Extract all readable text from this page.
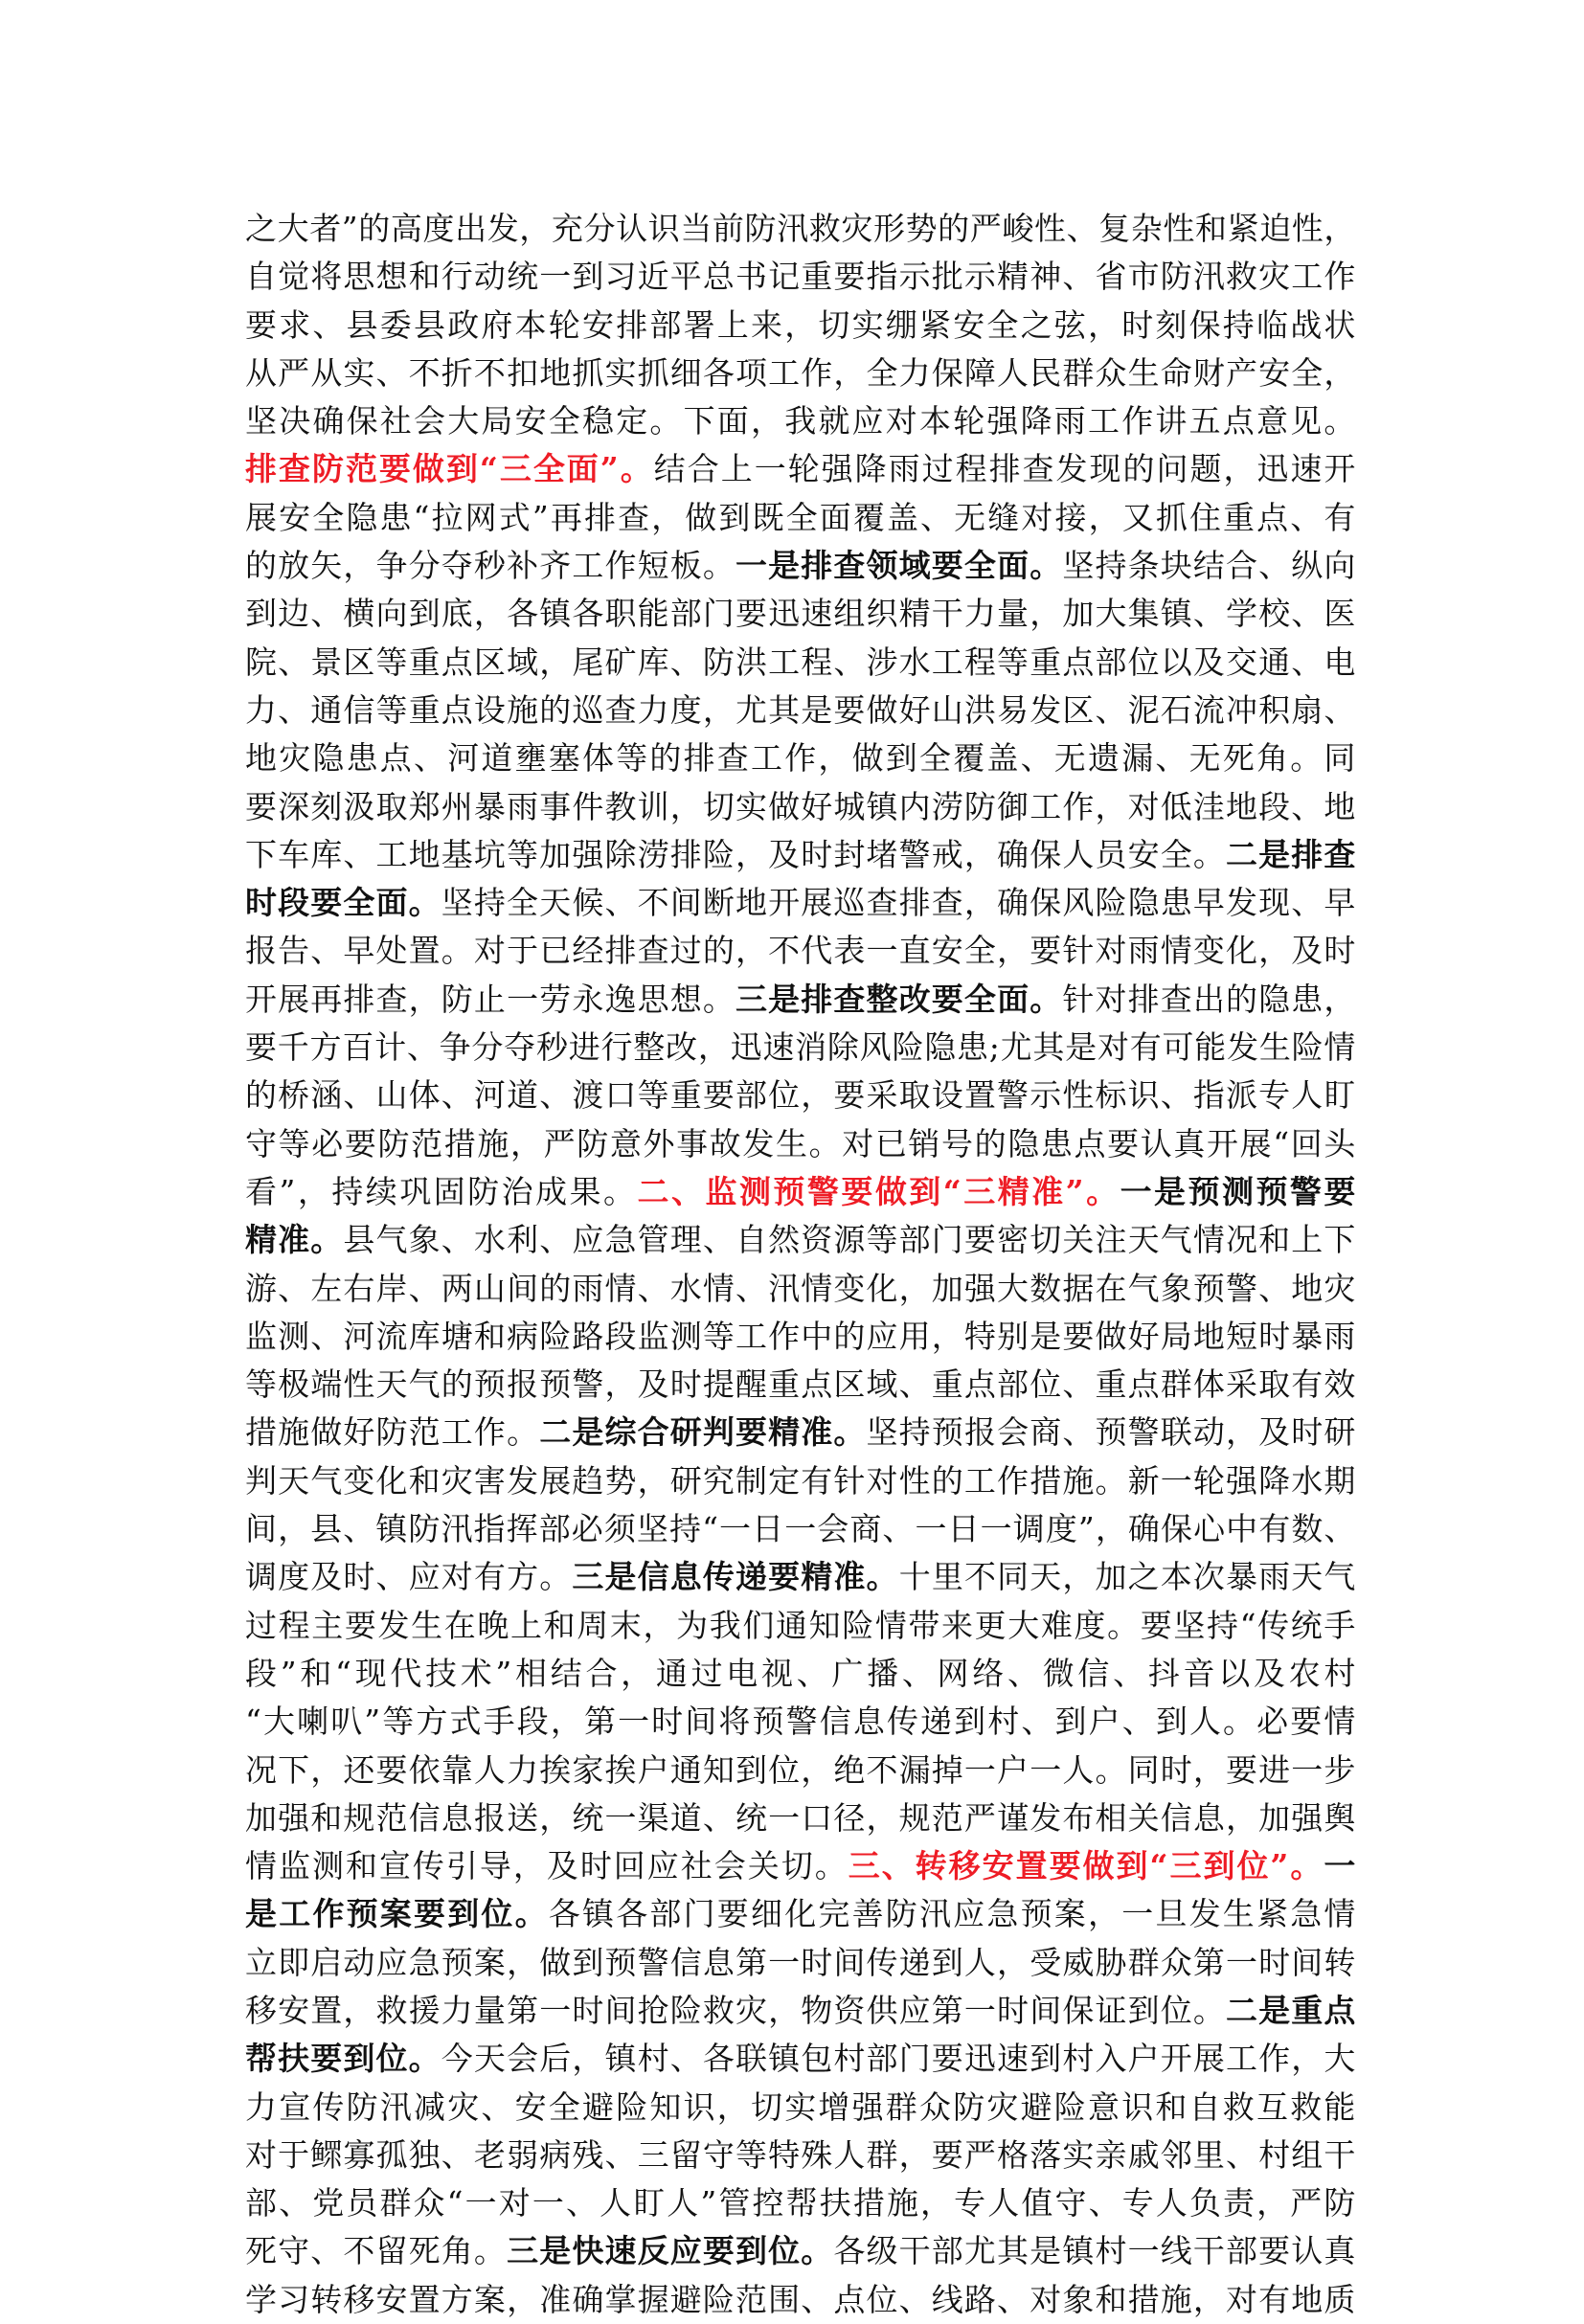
之大者”的高度出发，充分认识当前防汛救灾形势的严峻性、复杂性和紧迫性，
自觉将思想和行动统一到习近平总书记重要指示批示精神、省市防汛救灾工作
要求、县委县政府本轮安排部署上来，切实绷紧安全之弦，时刻保持临战状
从严从实、不折不扣地抓实抓细各项工作，全力保障人民群众生命财产安全，
坚决确保社会大局安全稳定。下面，我就应对本轮强降雨工作讲五点意见。
排查防范要做到“三全面”。结合上一轮强降雨过程排查发现的问题，迅速开
展安全隐患“拉网式”再排查，做到既全面覆盖、无缝对接，又抓住重点、有
的放矢，争分夺秒补齐工作短板。一是排查领域要全面。坚持条块结合、纵向
到边、横向到底，各镇各职能部门要迅速组织精干力量，加大集镇、学校、医
院、景区等重点区域，尾矿库、防洪工程、涉水工程等重点部位以及交通、电
力、通信等重点设施的巡查力度，尤其是要做好山洪易发区、泥石流冲积扇、
地灾隐患点、河道壅塞体等的排查工作，做到全覆盖、无遗漏、无死角。同
要深刻汲取郑州暴雨事件教训，切实做好城镇内涝防御工作，对低洼地段、地
下车库、工地基坑等加强除涝排险，及时封堵警戒，确保人员安全。二是排查
时段要全面。坚持全天候、不间断地开展巡查排查，确保风险隐患早发现、早
报告、早处置。对于已经排查过的，不代表一直安全，要针对雨情变化，及时
开展再排查，防止一劳永逸思想。三是排查整改要全面。针对排查出的隐患，
要千方百计、争分夺秒进行整改，迅速消除风险隐患;尤其是对有可能发生险情
的桥涵、山体、河道、渡口等重要部位，要采取设置警示性标识、指派专人盯
守等必要防范措施，严防意外事故发生。对已销号的隐患点要认真开展“回头
看”，持续巩固防治成果。二、监测预警要做到“三精准”。一是预测预警要
精准。县气象、水利、应急管理、自然资源等部门要密切关注天气情况和上下
游、左右岸、两山间的雨情、水情、汛情变化，加强大数据在气象预警、地灾
监测、河流库塘和病险路段监测等工作中的应用，特别是要做好局地短时暴雨
等极端性天气的预报预警，及时提醒重点区域、重点部位、重点群体采取有效
措施做好防范工作。二是综合研判要精准。坚持预报会商、预警联动，及时研
判天气变化和灾害发展趋势，研究制定有针对性的工作措施。新一轮强降水期
间，县、镇防汛指挥部必须坚持“一日一会商、一日一调度”，确保心中有数、
调度及时、应对有方。三是信息传递要精准。十里不同天，加之本次暴雨天气
过程主要发生在晚上和周末，为我们通知险情带来更大难度。要坚持“传统手
段”和“现代技术”相结合，通过电视、广播、网络、微信、抖音以及农村
“大喇叭”等方式手段，第一时间将预警信息传递到村、到户、到人。必要情
况下，还要依靠人力挨家挨户通知到位，绝不漏掉一户一人。同时，要进一步
加强和规范信息报送，统一渠道、统一口径，规范严谨发布相关信息，加强舆
情监测和宣传引导，及时回应社会关切。三、转移安置要做到“三到位”。一
是工作预案要到位。各镇各部门要细化完善防汛应急预案，一旦发生紧急情
立即启动应急预案，做到预警信息第一时间传递到人，受威胁群众第一时间转
移安置，救援力量第一时间抢险救灾，物资供应第一时间保证到位。二是重点
帮扶要到位。今天会后，镇村、各联镇包村部门要迅速到村入户开展工作，大
力宣传防汛减灾、安全避险知识，切实增强群众防灾避险意识和自救互救能
对于鳏寡孤独、老弱病残、三留守等特殊人群，要严格落实亲戚邻里、村组干
部、党员群众“一对一、人盯人”管控帮扶措施，专人值守、专人负责，严防
死守、不留死角。三是快速反应要到位。各级干部尤其是镇村一线干部要认真
学习转移安置方案，准确掌握避险范围、点位、线路、对象和措施，对有地质
